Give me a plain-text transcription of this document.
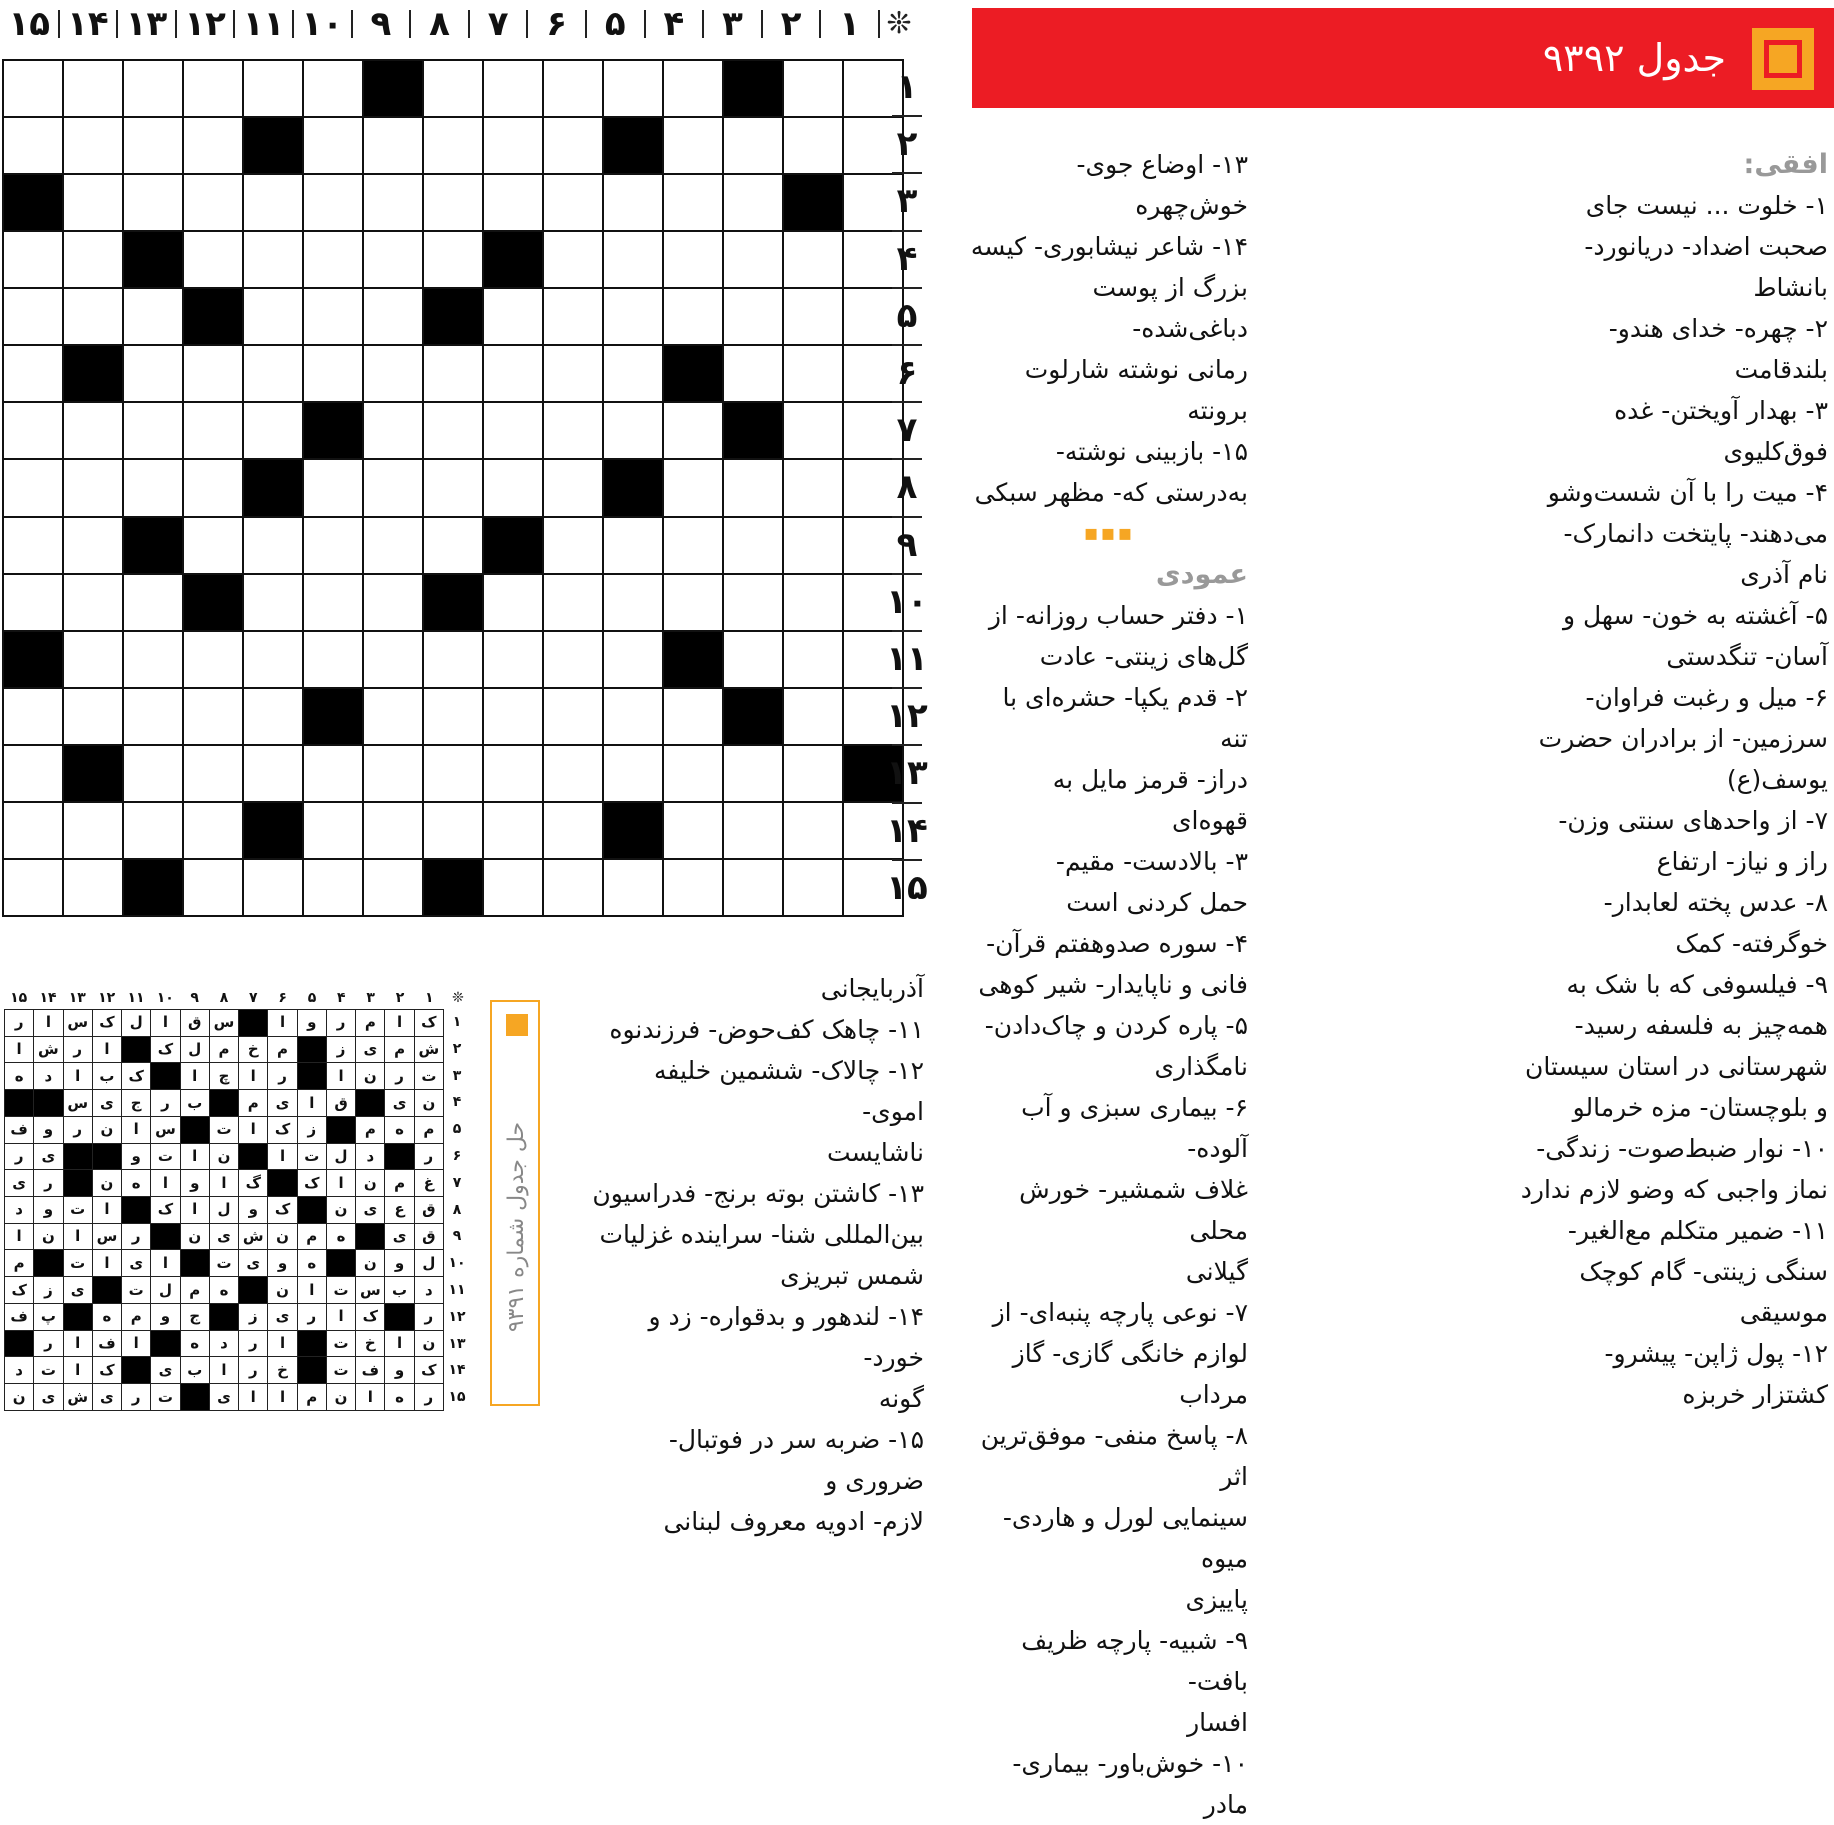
۱۵ ۱۴ ۱۳ ۱۲ ۱۱ ۱۰ ۹	۸	۷	۶	۵	۴	۳	۲	۱ ❊

۱
۲
۳
۴
۵
۶
۷
۸
۹
۱۰
۱۱
۱۲
۱۳
۱۴
۱۵
جدول ۹۳۹۲
افقی:
۱- خلوت ... نیست جای
صحبت اضداد- دریانورد-
بانشاط
۲- چهره- خدای هندو-
بلندقامت
۳- بهدار آویختن- غده
فوق‌کلیوی
۴- میت را با آن شست‌وشو
می‌دهند- پایتخت دانمارک-
نام آذری
۵- آغشته به خون- سهل و
آسان- تنگدستی
۶- میل و رغبت فراوان-
سرزمین- از برادران حضرت
یوسف(ع)
۷- از واحدهای سنتی وزن-
راز و نیاز- ارتفاع
۸- عدس پخته لعابدار-
خوگرفته- کمک
۹- فیلسوفی که با شک به
همه‌چیز به فلسفه رسید-
شهرستانی در استان سیستان
و بلوچستان- مزه خرمالو
۱۰- نوار ضبط‌صوت- زندگی-
نماز واجبی که وضو لازم ندارد
۱۱- ضمیر متکلم مع‌الغیر-
سنگی زینتی- گام کوچک
موسیقی
۱۲- پول ژاپن- پیشرو-
کشتزار خربزه
۱۳- اوضاع جوی-
خوش‌چهره
۱۴- شاعر نیشابوری- کیسه
بزرگ از پوست دباغی‌شده-
رمانی نوشته شارلوت برونته
۱۵- بازبینی نوشته-
به‌درستی که- مظهر سبکی
▪▪▪
عمودی
۱- دفتر حساب روزانه- از
گل‌های زینتی- عادت
۲- قدم یکپا- حشره‌ای با تنه
دراز- قرمز مایل به قهوه‌ای
۳- بالادست- مقیم-
حمل کردنی است
۴- سوره صدوهفتم قرآن-
فانی و ناپایدار- شیر کوهی
۵- پاره کردن و چاک‌دادن-
نامگذاری
۶- بیماری سبزی و آب آلوده-
غلاف شمشیر- خورش محلی
گیلانی
۷- نوعی پارچه پنبه‌ای- از
لوازم خانگی گازی- گاز
مرداب
۸- پاسخ منفی- موفق‌ترین اثر
سینمایی لورل و هاردی- میوه
پاییزی
۹- شبیه- پارچه ظریف بافت-
افسار
۱۰- خوش‌باور- بیماری- مادر
آذربایجانی
۱۱- چاهک کف‌حوض- فرزندنوه
۱۲- چالاک- ششمین خلیفه اموی-
ناشایست
۱۳- کاشتن بوته برنج- فدراسیون
بین‌المللی شنا- سراینده غزلیات
شمس تبریزی
۱۴- لندهور و بدقواره- زد و خورد-
گونه
۱۵- ضربه سر در فوتبال- ضروری و
لازم- ادویه معروف لبنانی
۱۵ ۱۴ ۱۳ ۱۲ ۱۱ ۱۰	۹	۸	۷	۶	۵	۴	۳	۲	۱	❊
ر	ا	س	ک	ل	ا	ق	س		ا	و	ر	م	ا	ک
ا	ش	ر	ا		ک	ل	م	خ	م		ز	ی	م	ش
ه	د	ا	ب	ک		ا	چ	ا	ر		ا	ن	ر	ت
		س	ی	ج	ر	ب		م	ی	ا	ق		ی	ن
ف	و	ر	ن	ا	س		ت	ا	ک	ز		م	ه	م
ر	ی			و	ت	ا	ن		ا	ت	ل	د		ر
ی	ر		ن	ه	ا	و	ا	گ		ک	ا	ن	م	غ
د	و	ت	ا		ک	ا	ل	و	ک		ن	ی	ع	ق
ا	ن	ا	س	ر		ن	ی	ش	ن	م	ه		ی	ق
م		ت	ا	ی	ا		ت	ی	و	ه		ن	و	ل
ک	ز	ی		ت	ل	م	ه		ن	ا	ت	س	ب	د
ف	پ		ه	م	و	ج		ز	ی	ر	ا	ک		ر
	ر	ا	ف	ا		ه	د	ر	ا		ت	خ	ا	ن
د	ت	ا	ک		ی	ب	ا	ر	خ		ت	ف	و	ک
ن	ی	ش	ی	ر	ت		ی	ا	ا	م	ن	ا	ه	ر
۱
۲
۳
۴
۵
۶
۷
۸
۹
۱۰
۱۱
۱۲
۱۳
۱۴
۱۵
حل جدول شماره ۹۳۹۱
